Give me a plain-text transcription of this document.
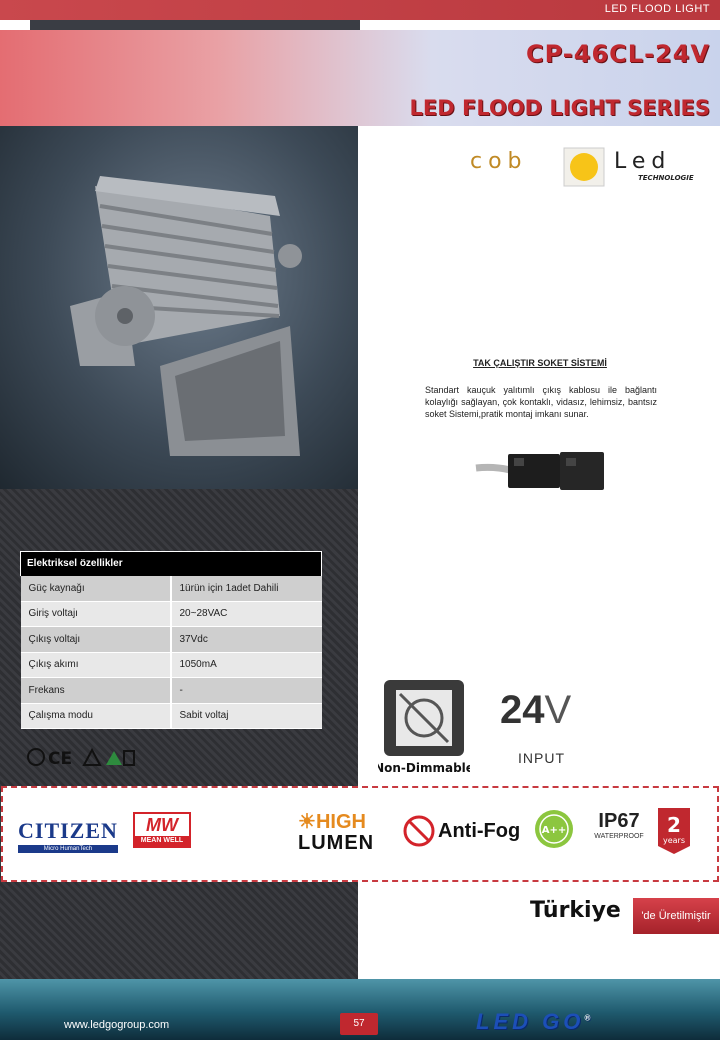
LED FLOOD LIGHT
CP-46CL-24V
LED FLOOD LIGHT SERIES
cob	Led
TECHNOLOGIE
TAK ÇALIŞTIR SOKET SİSTEMİ
Standart kauçuk yalıtımlı çıkış kablosu ile bağlantı kolaylığı sağlayan, çok kontaklı, vidasız, lehimsiz, bantsız soket Sistemi,pratik montaj imkanı sunar.
Elektriksel özellikler	
Güç kaynağı	1ürün için 1adet Dahili
Giriş voltajı	20~28VAC
Çıkış voltajı	37Vdc
Çıkış akımı	1050mA
Frekans	-
Çalışma modu	Sabit voltaj
CE	Non-Dimmable
24V
INPUT
CITIZEN
Micro HumanTech
MW
MEAN WELL
☀HIGH
LUMEN
Anti-Fog A++	IP67
WATERPROOF 2
years
Türkiye	'de Üretilmiştir
www.ledgogroup.com	57	LED GO®
